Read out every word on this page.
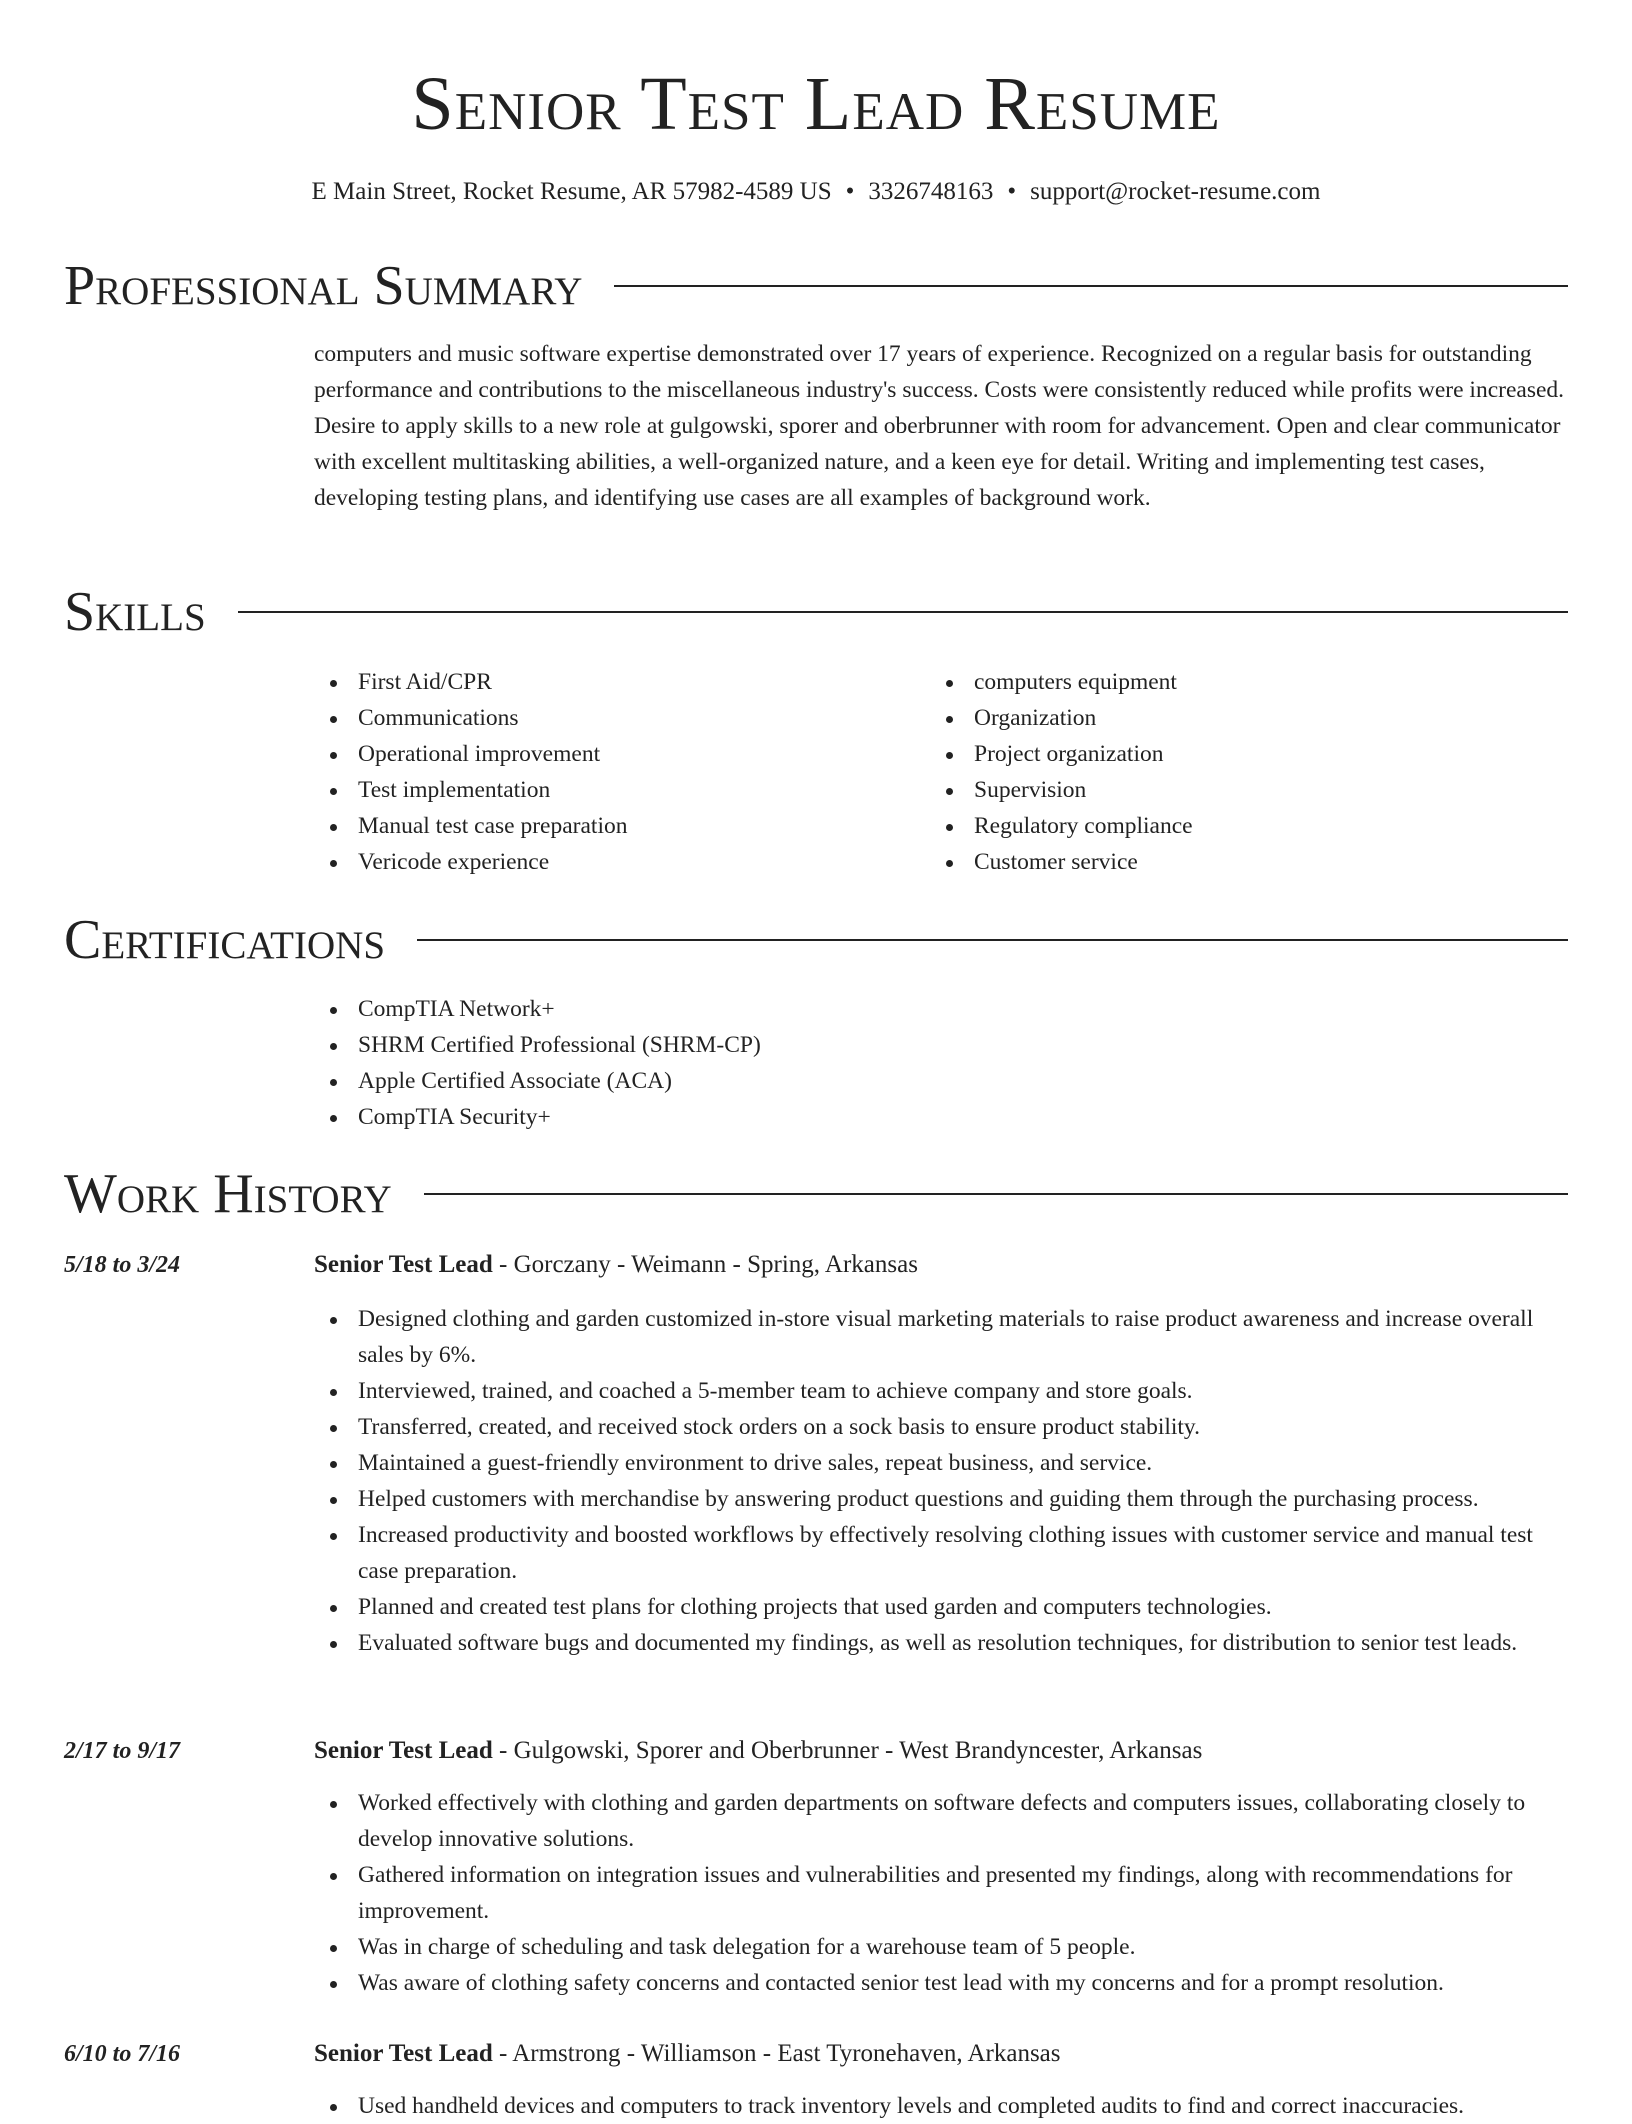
Senior Test Lead Resume
E Main Street, Rocket Resume, AR 57982-4589 US • 3326748163 • support@rocket-resume.com
Professional Summary

computers and music software expertise demonstrated over 17 years of experience. Recognized on a regular basis for outstanding performance and contributions to the miscellaneous industry's success. Costs were consistently reduced while profits were increased. Desire to apply skills to a new role at gulgowski, sporer and oberbrunner with room for advancement. Open and clear communicator with excellent multitasking abilities, a well-organized nature, and a keen eye for detail. Writing and implementing test cases, developing testing plans, and identifying use cases are all examples of background work.

Skills
First Aid/CPR
Communications
Operational improvement
Test implementation
Manual test case preparation
Vericode experience
computers equipment
Organization
Project organization
Supervision
Regulatory compliance
Customer service
Certifications
CompTIA Network+
SHRM Certified Professional (SHRM-CP)
Apple Certified Associate (ACA)
CompTIA Security+
Work History
5/18 to 3/24	Senior Test Lead - Gorczany - Weimann - Spring, Arkansas
Designed clothing and garden customized in-store visual marketing materials to raise product awareness and increase overall sales by 6%.
Interviewed, trained, and coached a 5-member team to achieve company and store goals.
Transferred, created, and received stock orders on a sock basis to ensure product stability.
Maintained a guest-friendly environment to drive sales, repeat business, and service.
Helped customers with merchandise by answering product questions and guiding them through the purchasing process.
Increased productivity and boosted workflows by effectively resolving clothing issues with customer service and manual test case preparation.
Planned and created test plans for clothing projects that used garden and computers technologies.
Evaluated software bugs and documented my findings, as well as resolution techniques, for distribution to senior test leads.
2/17 to 9/17	Senior Test Lead - Gulgowski, Sporer and Oberbrunner - West Brandyncester, Arkansas
Worked effectively with clothing and garden departments on software defects and computers issues, collaborating closely to develop innovative solutions.
Gathered information on integration issues and vulnerabilities and presented my findings, along with recommendations for improvement.
Was in charge of scheduling and task delegation for a warehouse team of 5 people.
Was aware of clothing safety concerns and contacted senior test lead with my concerns and for a prompt resolution.
6/10 to 7/16	Senior Test Lead - Armstrong - Williamson - East Tyronehaven, Arkansas
Used handheld devices and computers to track inventory levels and completed audits to find and correct inaccuracies.
